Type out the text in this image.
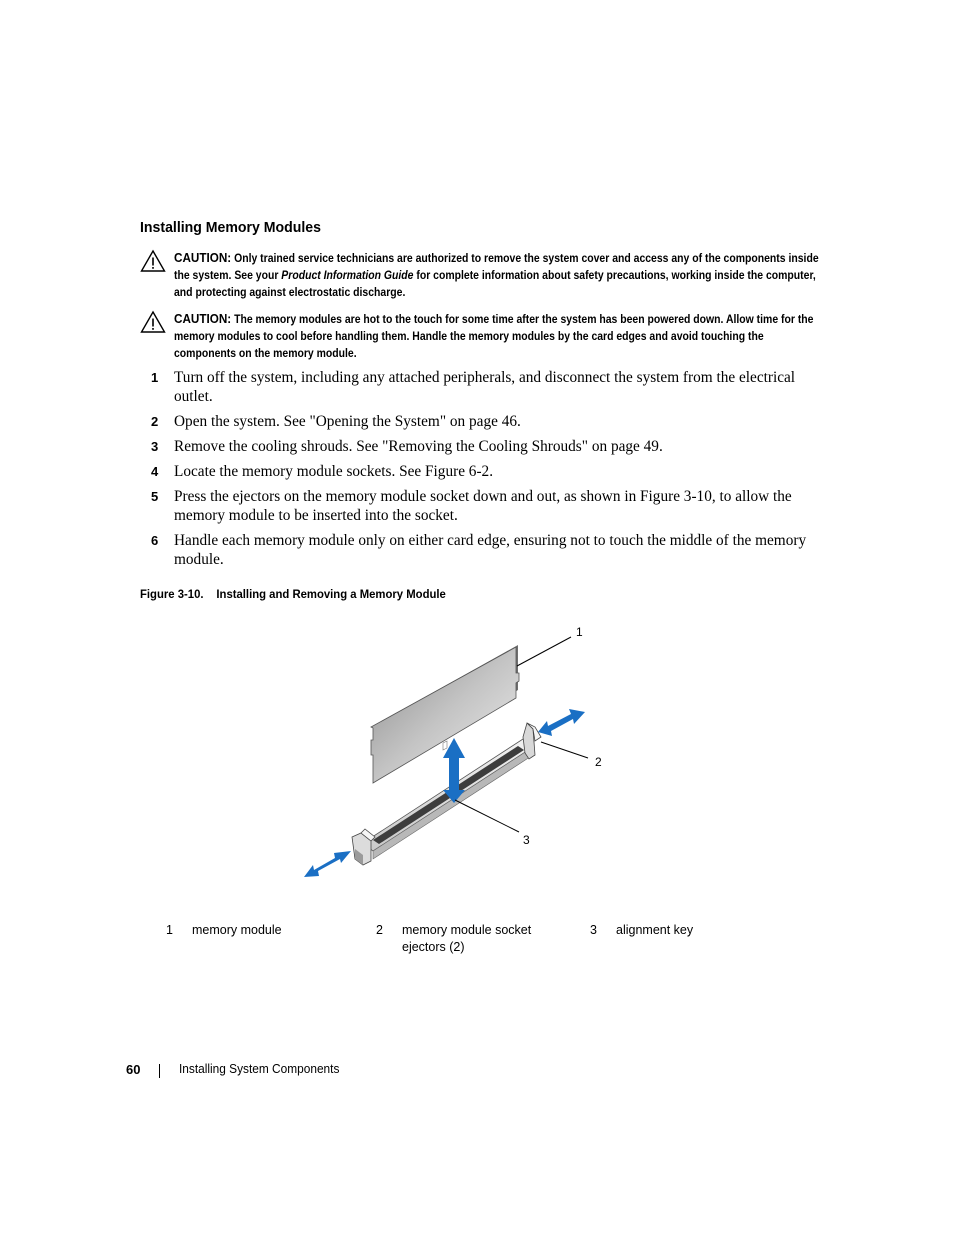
Installing Memory Modules
CAUTION: Only trained service technicians are authorized to remove the system cover and access any of the components inside the system. See your Product Information Guide for complete information about safety precautions, working inside the computer, and protecting against electrostatic discharge.
CAUTION: The memory modules are hot to the touch for some time after the system has been powered down. Allow time for the memory modules to cool before handling them. Handle the memory modules by the card edges and avoid touching the components on the memory module.
1 Turn off the system, including any attached peripherals, and disconnect the system from the electrical outlet.
2 Open the system. See "Opening the System" on page 46.
3 Remove the cooling shrouds. See "Removing the Cooling Shrouds" on page 49.
4 Locate the memory module sockets. See Figure 6-2.
5 Press the ejectors on the memory module socket down and out, as shown in Figure 3-10, to allow the memory module to be inserted into the socket.
6 Handle each memory module only on either card edge, ensuring not to touch the middle of the memory module.
Figure 3-10. Installing and Removing a Memory Module
1
2
3
1 memory module	2 memory module socket ejectors (2)
3 alignment key
60	Installing System Components
